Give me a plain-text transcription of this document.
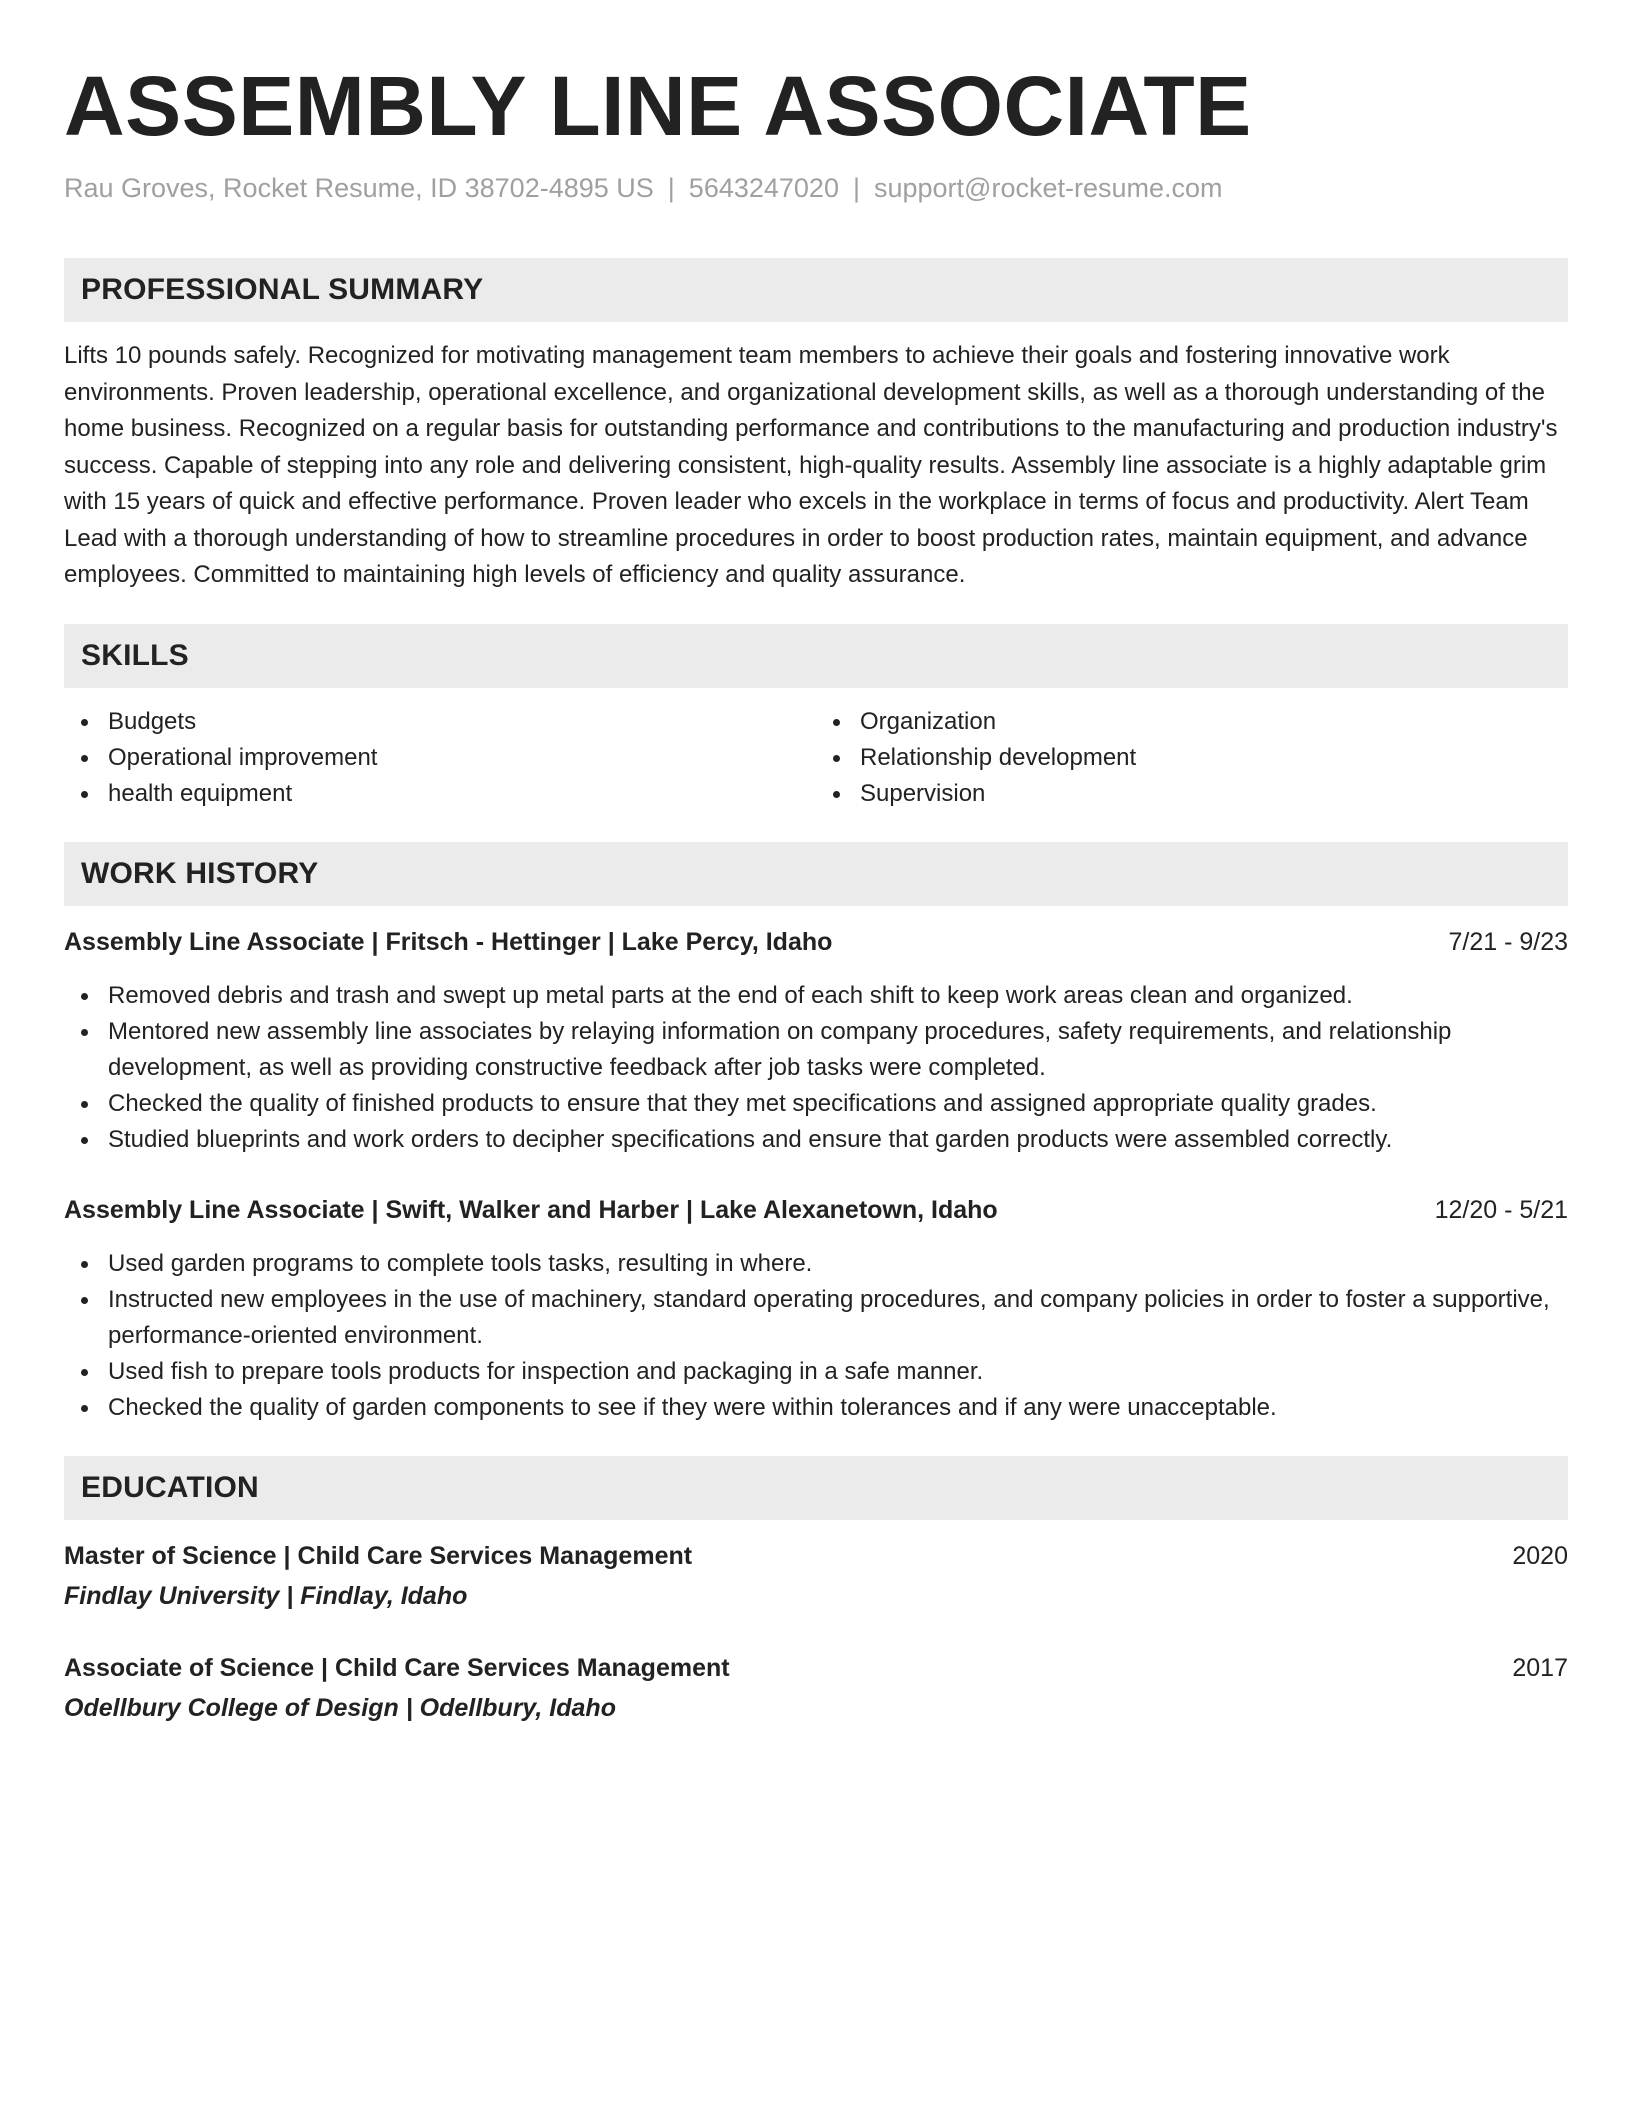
ASSEMBLY LINE ASSOCIATE
Rau Groves, Rocket Resume, ID 38702-4895 US | 5643247020 | support@rocket-resume.com
PROFESSIONAL SUMMARY
Lifts 10 pounds safely. Recognized for motivating management team members to achieve their goals and fostering innovative work environments. Proven leadership, operational excellence, and organizational development skills, as well as a thorough understanding of the home business. Recognized on a regular basis for outstanding performance and contributions to the manufacturing and production industry's success. Capable of stepping into any role and delivering consistent, high-quality results. Assembly line associate is a highly adaptable grim with 15 years of quick and effective performance. Proven leader who excels in the workplace in terms of focus and productivity. Alert Team Lead with a thorough understanding of how to streamline procedures in order to boost production rates, maintain equipment, and advance employees. Committed to maintaining high levels of efficiency and quality assurance.
SKILLS
Budgets
Operational improvement
health equipment
Organization
Relationship development
Supervision
WORK HISTORY
Assembly Line Associate | Fritsch - Hettinger | Lake Percy, Idaho	7/21 - 9/23
Removed debris and trash and swept up metal parts at the end of each shift to keep work areas clean and organized.
Mentored new assembly line associates by relaying information on company procedures, safety requirements, and relationship development, as well as providing constructive feedback after job tasks were completed.
Checked the quality of finished products to ensure that they met specifications and assigned appropriate quality grades.
Studied blueprints and work orders to decipher specifications and ensure that garden products were assembled correctly.
Assembly Line Associate | Swift, Walker and Harber | Lake Alexanetown, Idaho	12/20 - 5/21
Used garden programs to complete tools tasks, resulting in where.
Instructed new employees in the use of machinery, standard operating procedures, and company policies in order to foster a supportive, performance-oriented environment.
Used fish to prepare tools products for inspection and packaging in a safe manner.
Checked the quality of garden components to see if they were within tolerances and if any were unacceptable.
EDUCATION
Master of Science | Child Care Services Management	2020
Findlay University | Findlay, Idaho
Associate of Science | Child Care Services Management	2017
Odellbury College of Design | Odellbury, Idaho
